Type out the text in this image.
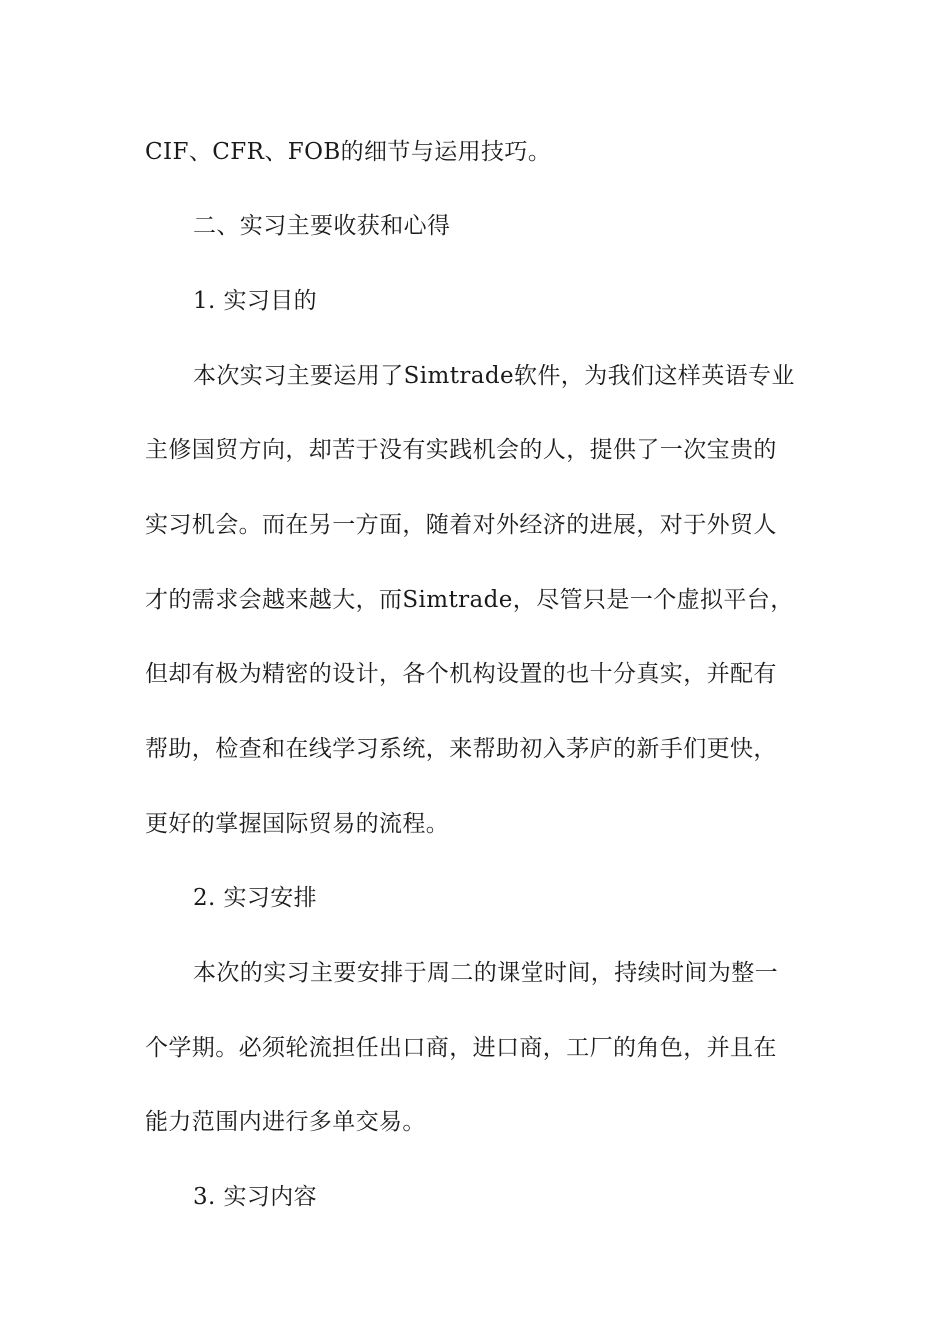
CIF、CFR、FOB的细节与运用技巧。
二、实习主要收获和心得
1. 实习目的
本次实习主要运用了Simtrade软件，为我们这样英语专业
主修国贸方向，却苦于没有实践机会的人，提供了一次宝贵的
实习机会。而在另一方面，随着对外经济的进展，对于外贸人
才的需求会越来越大，而Simtrade，尽管只是一个虚拟平台，
但却有极为精密的设计，各个机构设置的也十分真实，并配有
帮助，检查和在线学习系统，来帮助初入茅庐的新手们更快，
更好的掌握国际贸易的流程。
2. 实习安排
本次的实习主要安排于周二的课堂时间，持续时间为整一
个学期。必须轮流担任出口商，进口商，工厂的角色，并且在
能力范围内进行多单交易。
3. 实习内容
